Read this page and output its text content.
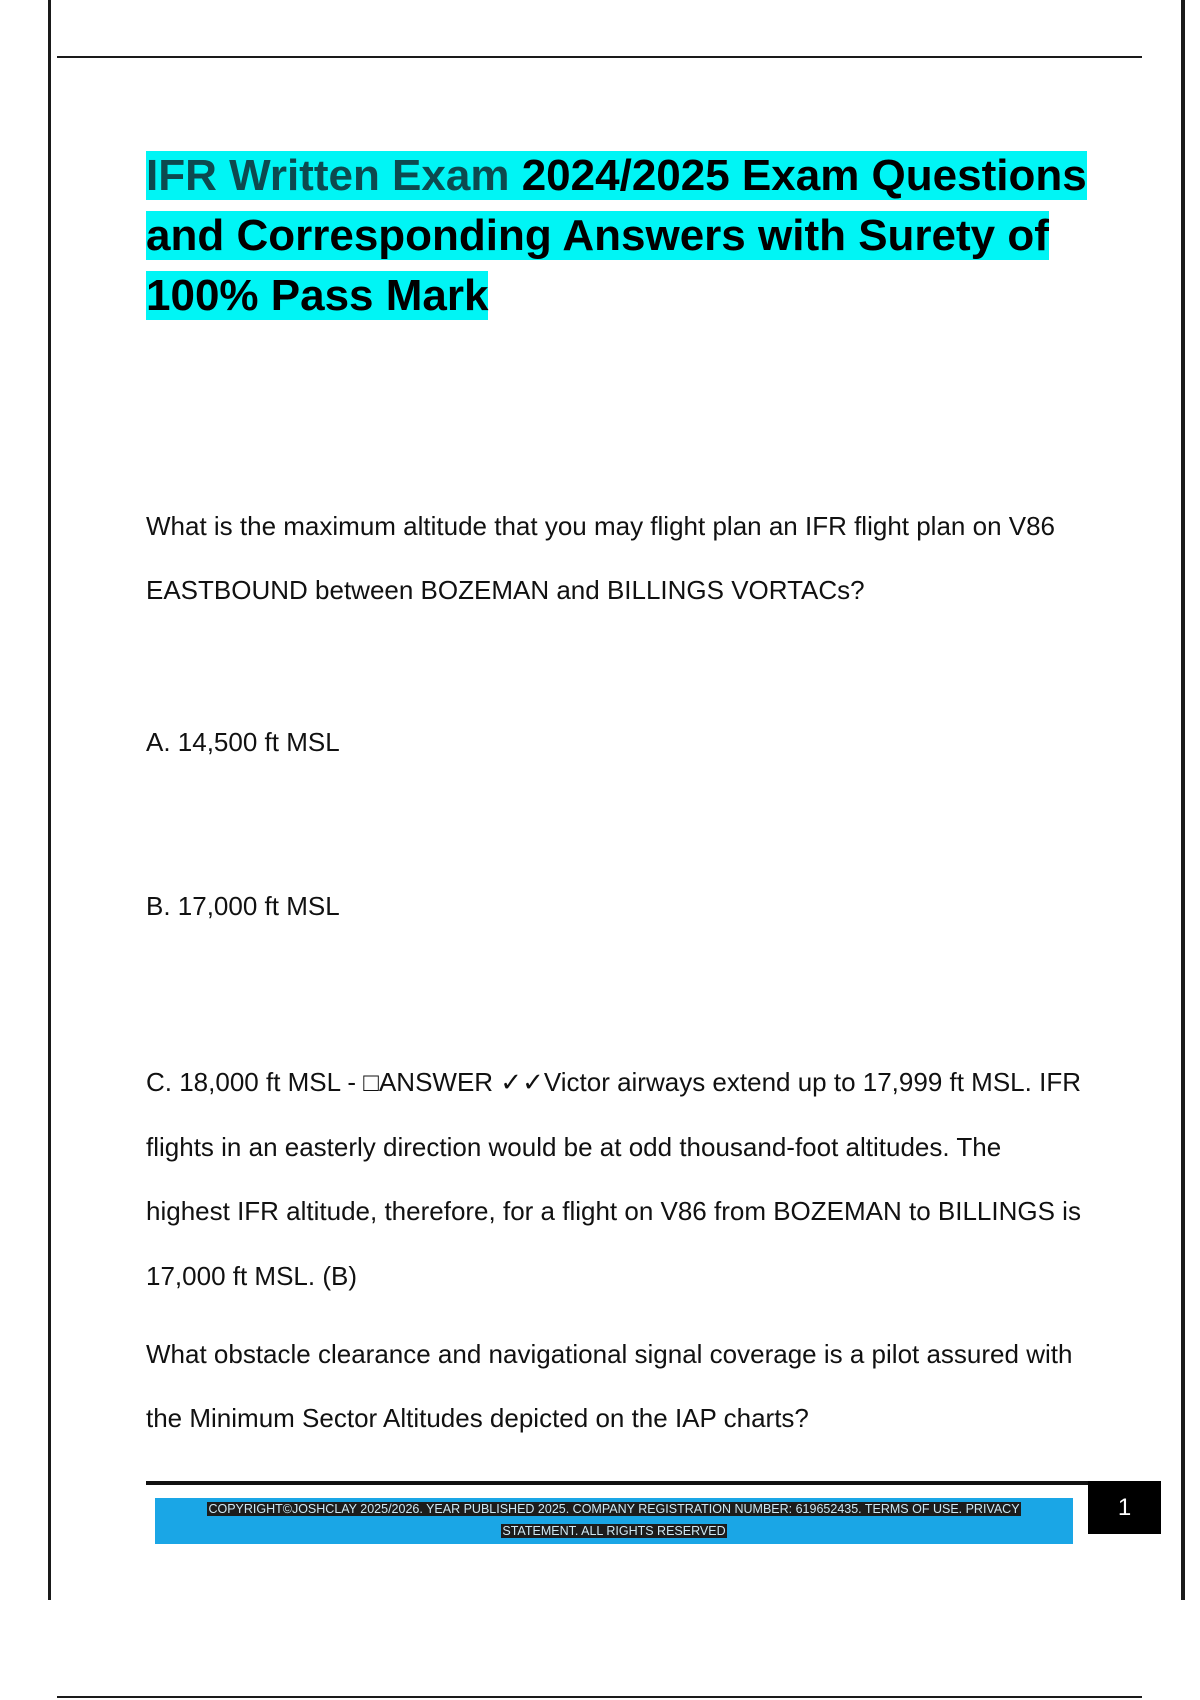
IFR Written Exam 2024/2025 Exam Questions and Corresponding Answers with Surety of 100% Pass Mark

What is the maximum altitude that you may flight plan an IFR flight plan on V86 EASTBOUND between BOZEMAN and BILLINGS VORTACs?

A. 14,500 ft MSL

B. 17,000 ft MSL

C. 18,000 ft MSL - □ANSWER ✓✓Victor airways extend up to 17,999 ft MSL. IFR flights in an easterly direction would be at odd thousand-foot altitudes. The highest IFR altitude, therefore, for a flight on V86 from BOZEMAN to BILLINGS is 17,000 ft MSL. (B)

What obstacle clearance and navigational signal coverage is a pilot assured with the Minimum Sector Altitudes depicted on the IAP charts?

COPYRIGHT©JOSHCLAY 2025/2026. YEAR PUBLISHED 2025. COMPANY REGISTRATION NUMBER: 619652435. TERMS OF USE. PRIVACY
STATEMENT. ALL RIGHTS RESERVED
1
